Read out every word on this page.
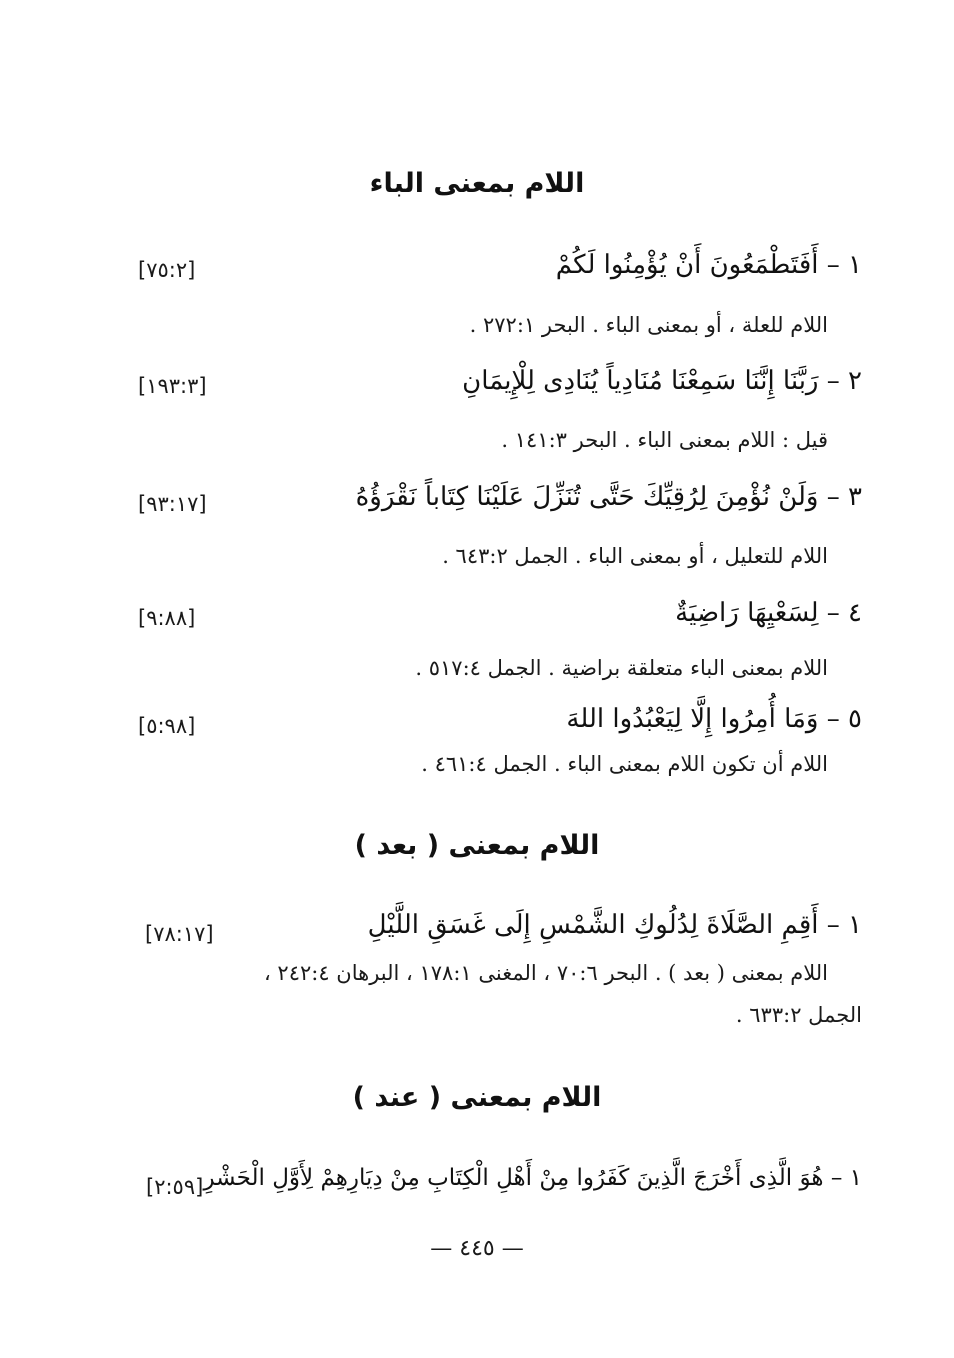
اللام بمعنى الباء
١ – أَفَتَطْمَعُونَ أَنْ يُؤْمِنُوا لَكُمْ
[٧٥:٢]
اللام للعلة ، أو بمعنى الباء . البحر ٢٧٢:١ .
٢ – رَبَّنَا إِنَّنَا سَمِعْنَا مُنَادِياً يُنَادِى لِلْإِيمَانِ
[١٩٣:٣]
قيل : اللام بمعنى الباء . البحر ١٤١:٣ .
٣ – وَلَنْ نُؤْمِنَ لِرُقِيِّكَ حَتَّى تُنَزِّلَ عَلَيْنَا كِتَاباً نَقْرَؤُهُ
[٩٣:١٧]
اللام للتعليل ، أو بمعنى الباء . الجمل ٦٤٣:٢ .
٤ – لِسَعْيِهَا رَاضِيَةٌ
[٩:٨٨]
اللام بمعنى الباء متعلقة براضية . الجمل ٥١٧:٤ .
٥ – وَمَا أُمِرُوا إِلَّا لِيَعْبُدُوا اللهَ
[٥:٩٨]
اللام أن تكون اللام بمعنى الباء . الجمل ٤٦١:٤ .
اللام بمعنى ( بعد )
١ – أَقِمِ الصَّلَاةَ لِدُلُوكِ الشَّمْسِ إِلَى غَسَقِ اللَّيْلِ
[٧٨:١٧]
اللام بمعنى ( بعد ) . البحر ٧٠:٦ ، المغنى ١٧٨:١ ، البرهان ٢٤٢:٤ ،
الجمل ٦٣٣:٢ .
اللام بمعنى ( عند )
١ – هُوَ الَّذِى أَخْرَجَ الَّذِينَ كَفَرُوا مِنْ أَهْلِ الْكِتَابِ مِنْ دِيَارِهِمْ لِأَوَّلِ الْحَشْرِ
[٢:٥٩]
— ٤٤٥ —
